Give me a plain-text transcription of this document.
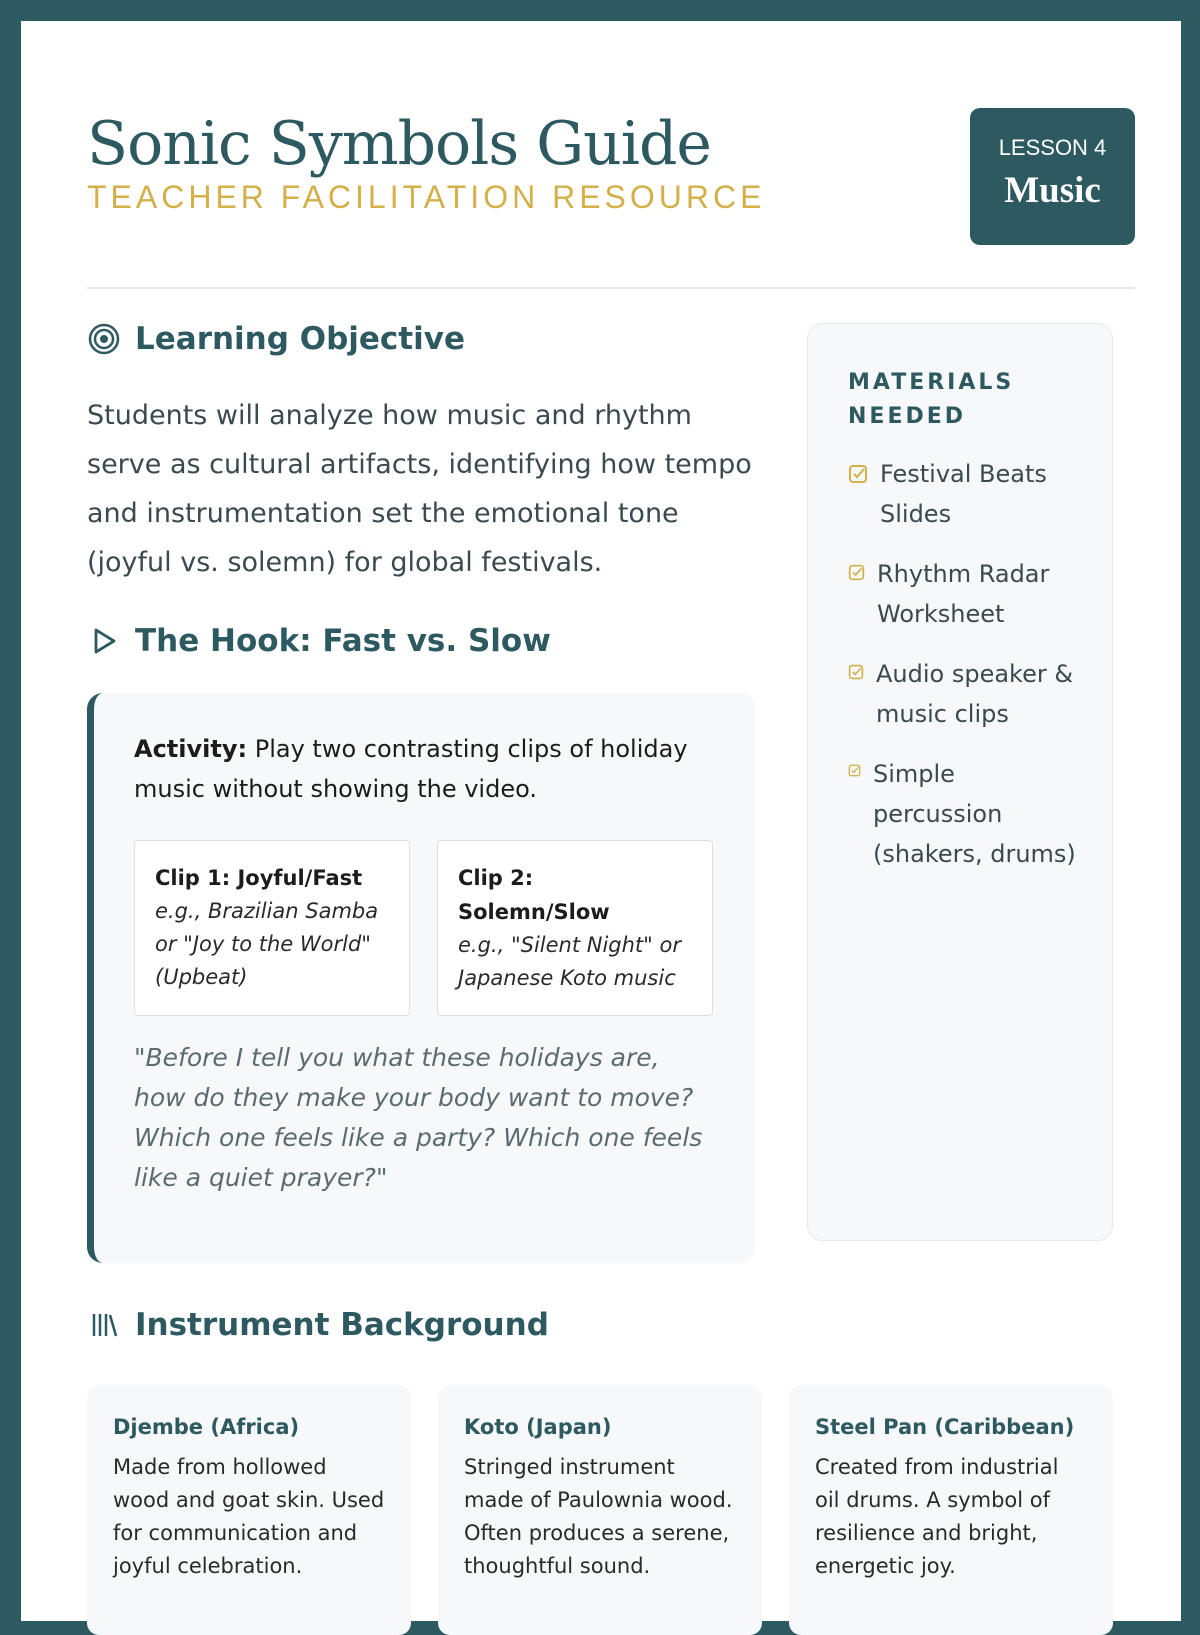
Sonic Symbols Guide
TEACHER FACILITATION RESOURCE
LESSON 4
Music
Learning Objective
Students will analyze how music and rhythm serve as cultural artifacts, identifying how tempo and instrumentation set the emotional tone (joyful vs. solemn) for global festivals.
The Hook: Fast vs. Slow
Activity: Play two contrasting clips of holiday music without showing the video.
Clip 1: Joyful/Fast
e.g., Brazilian Samba or "Joy to the World" (Upbeat)
Clip 2: Solemn/Slow
e.g., "Silent Night" or Japanese Koto music
"Before I tell you what these holidays are, how do they make your body want to move? Which one feels like a party? Which one feels like a quiet prayer?"
MATERIALS NEEDED
Festival Beats Slides
Rhythm Radar Worksheet
Audio speaker & music clips
Simple percussion (shakers, drums)
Instrument Background
Djembe (Africa)
Made from hollowed wood and goat skin. Used for communication and joyful celebration.
Koto (Japan)
Stringed instrument made of Paulownia wood. Often produces a serene, thoughtful sound.
Steel Pan (Caribbean)
Created from industrial oil drums. A symbol of resilience and bright, energetic joy.
